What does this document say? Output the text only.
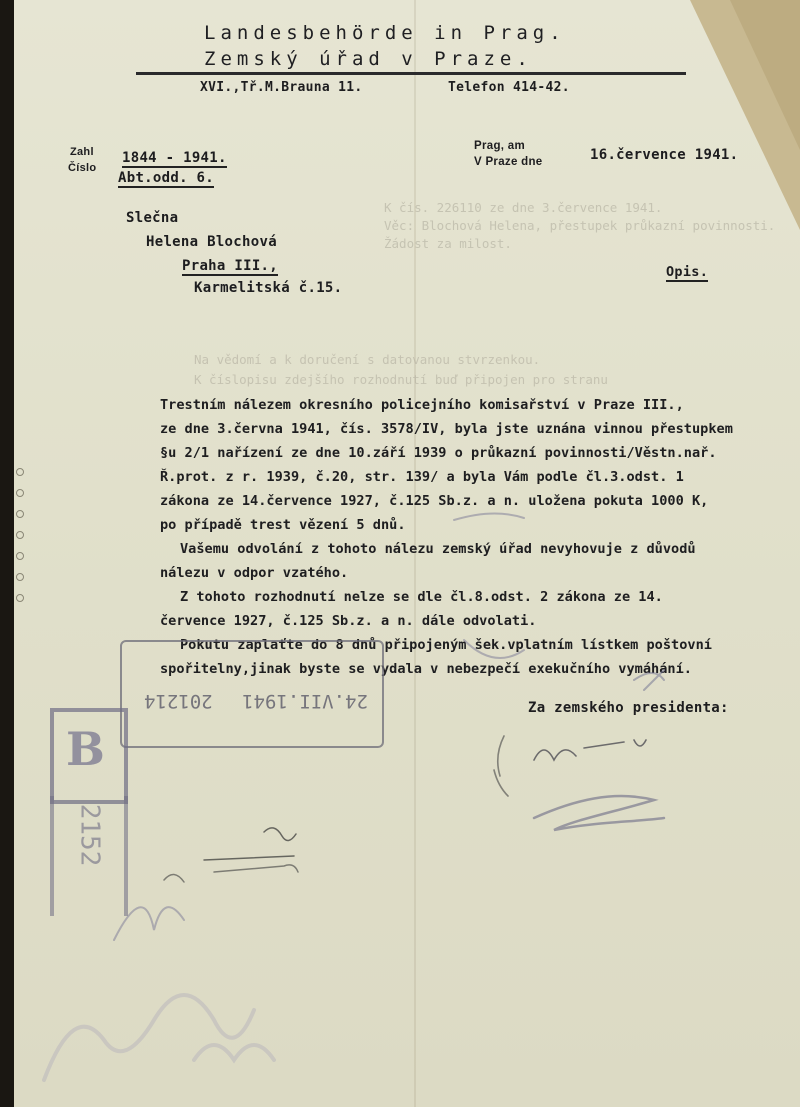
K čís. 226110 ze dne 3.července 1941.
Věc: Blochová Helena, přestupek průkazní povinnosti.
Žádost za milost.
Na vědomí a k doručení s datovanou stvrzenkou.
K číslopisu zdejšího rozhodnutí buď připojen pro stranu
Landesbehörde in Prag.
Zemský úřad v Praze.
XVI.,Tř.M.Brauna 11.	Telefon 414-42.
Zahl
Číslo
1844 - 1941.
Abt.odd. 6.
Prag, am
V Praze dne	16.července 1941.
Slečna
Helena Blochová
Praha III.,
Karmelitská č.15.
Opis.
Trestním nálezem okresního policejního komisařství v Praze III.,
ze dne 3.června 1941, čís. 3578/IV, byla jste uznána vinnou přestupkem
§u 2/1 nařízení ze dne 10.září 1939 o průkazní povinnosti/Věstn.nař.
Ř.prot. z r. 1939, č.20, str. 139/ a byla Vám podle čl.3.odst. 1
zákona ze 14.července 1927, č.125 Sb.z. a n. uložena pokuta 1000 K,
po případě trest vězení 5 dnů.
Vašemu odvolání z tohoto nálezu zemský úřad nevyhovuje z důvodů
nálezu v odpor vzatého.
Z tohoto rozhodnutí nelze se dle čl.8.odst. 2 zákona ze 14.
července 1927, č.125 Sb.z. a n. dále odvolati.
Pokutu zaplaťte do 8 dnů připojeným šek.vplatním lístkem poštovní
spořitelny,jinak byste se vydala v nebezpečí exekučního vymáhání.
Za zemského presidenta:
24.VII.1941 201214
B
2152
